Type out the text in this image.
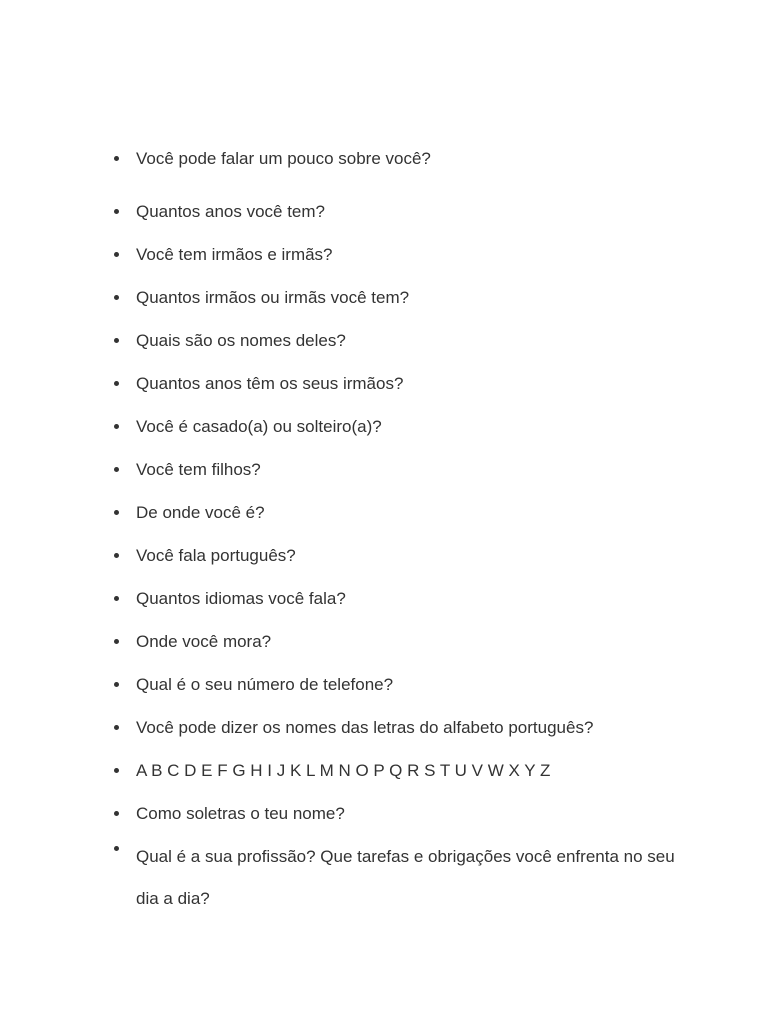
Você pode falar um pouco sobre você?
Quantos anos você tem?
Você tem irmãos e irmãs?
Quantos irmãos ou irmãs você tem?
Quais são os nomes deles?
Quantos anos têm os seus irmãos?
Você é casado(a) ou solteiro(a)?
Você tem filhos?
De onde você é?
Você fala português?
Quantos idiomas você fala?
Onde você mora?
Qual é o seu número de telefone?
Você pode dizer os nomes das letras do alfabeto português?
A B C D E F G H I J K L M N O P Q R S T U V W X Y Z
Como soletras o teu nome?
Qual é a sua profissão? Que tarefas e obrigações você enfrenta no seu dia a dia?
